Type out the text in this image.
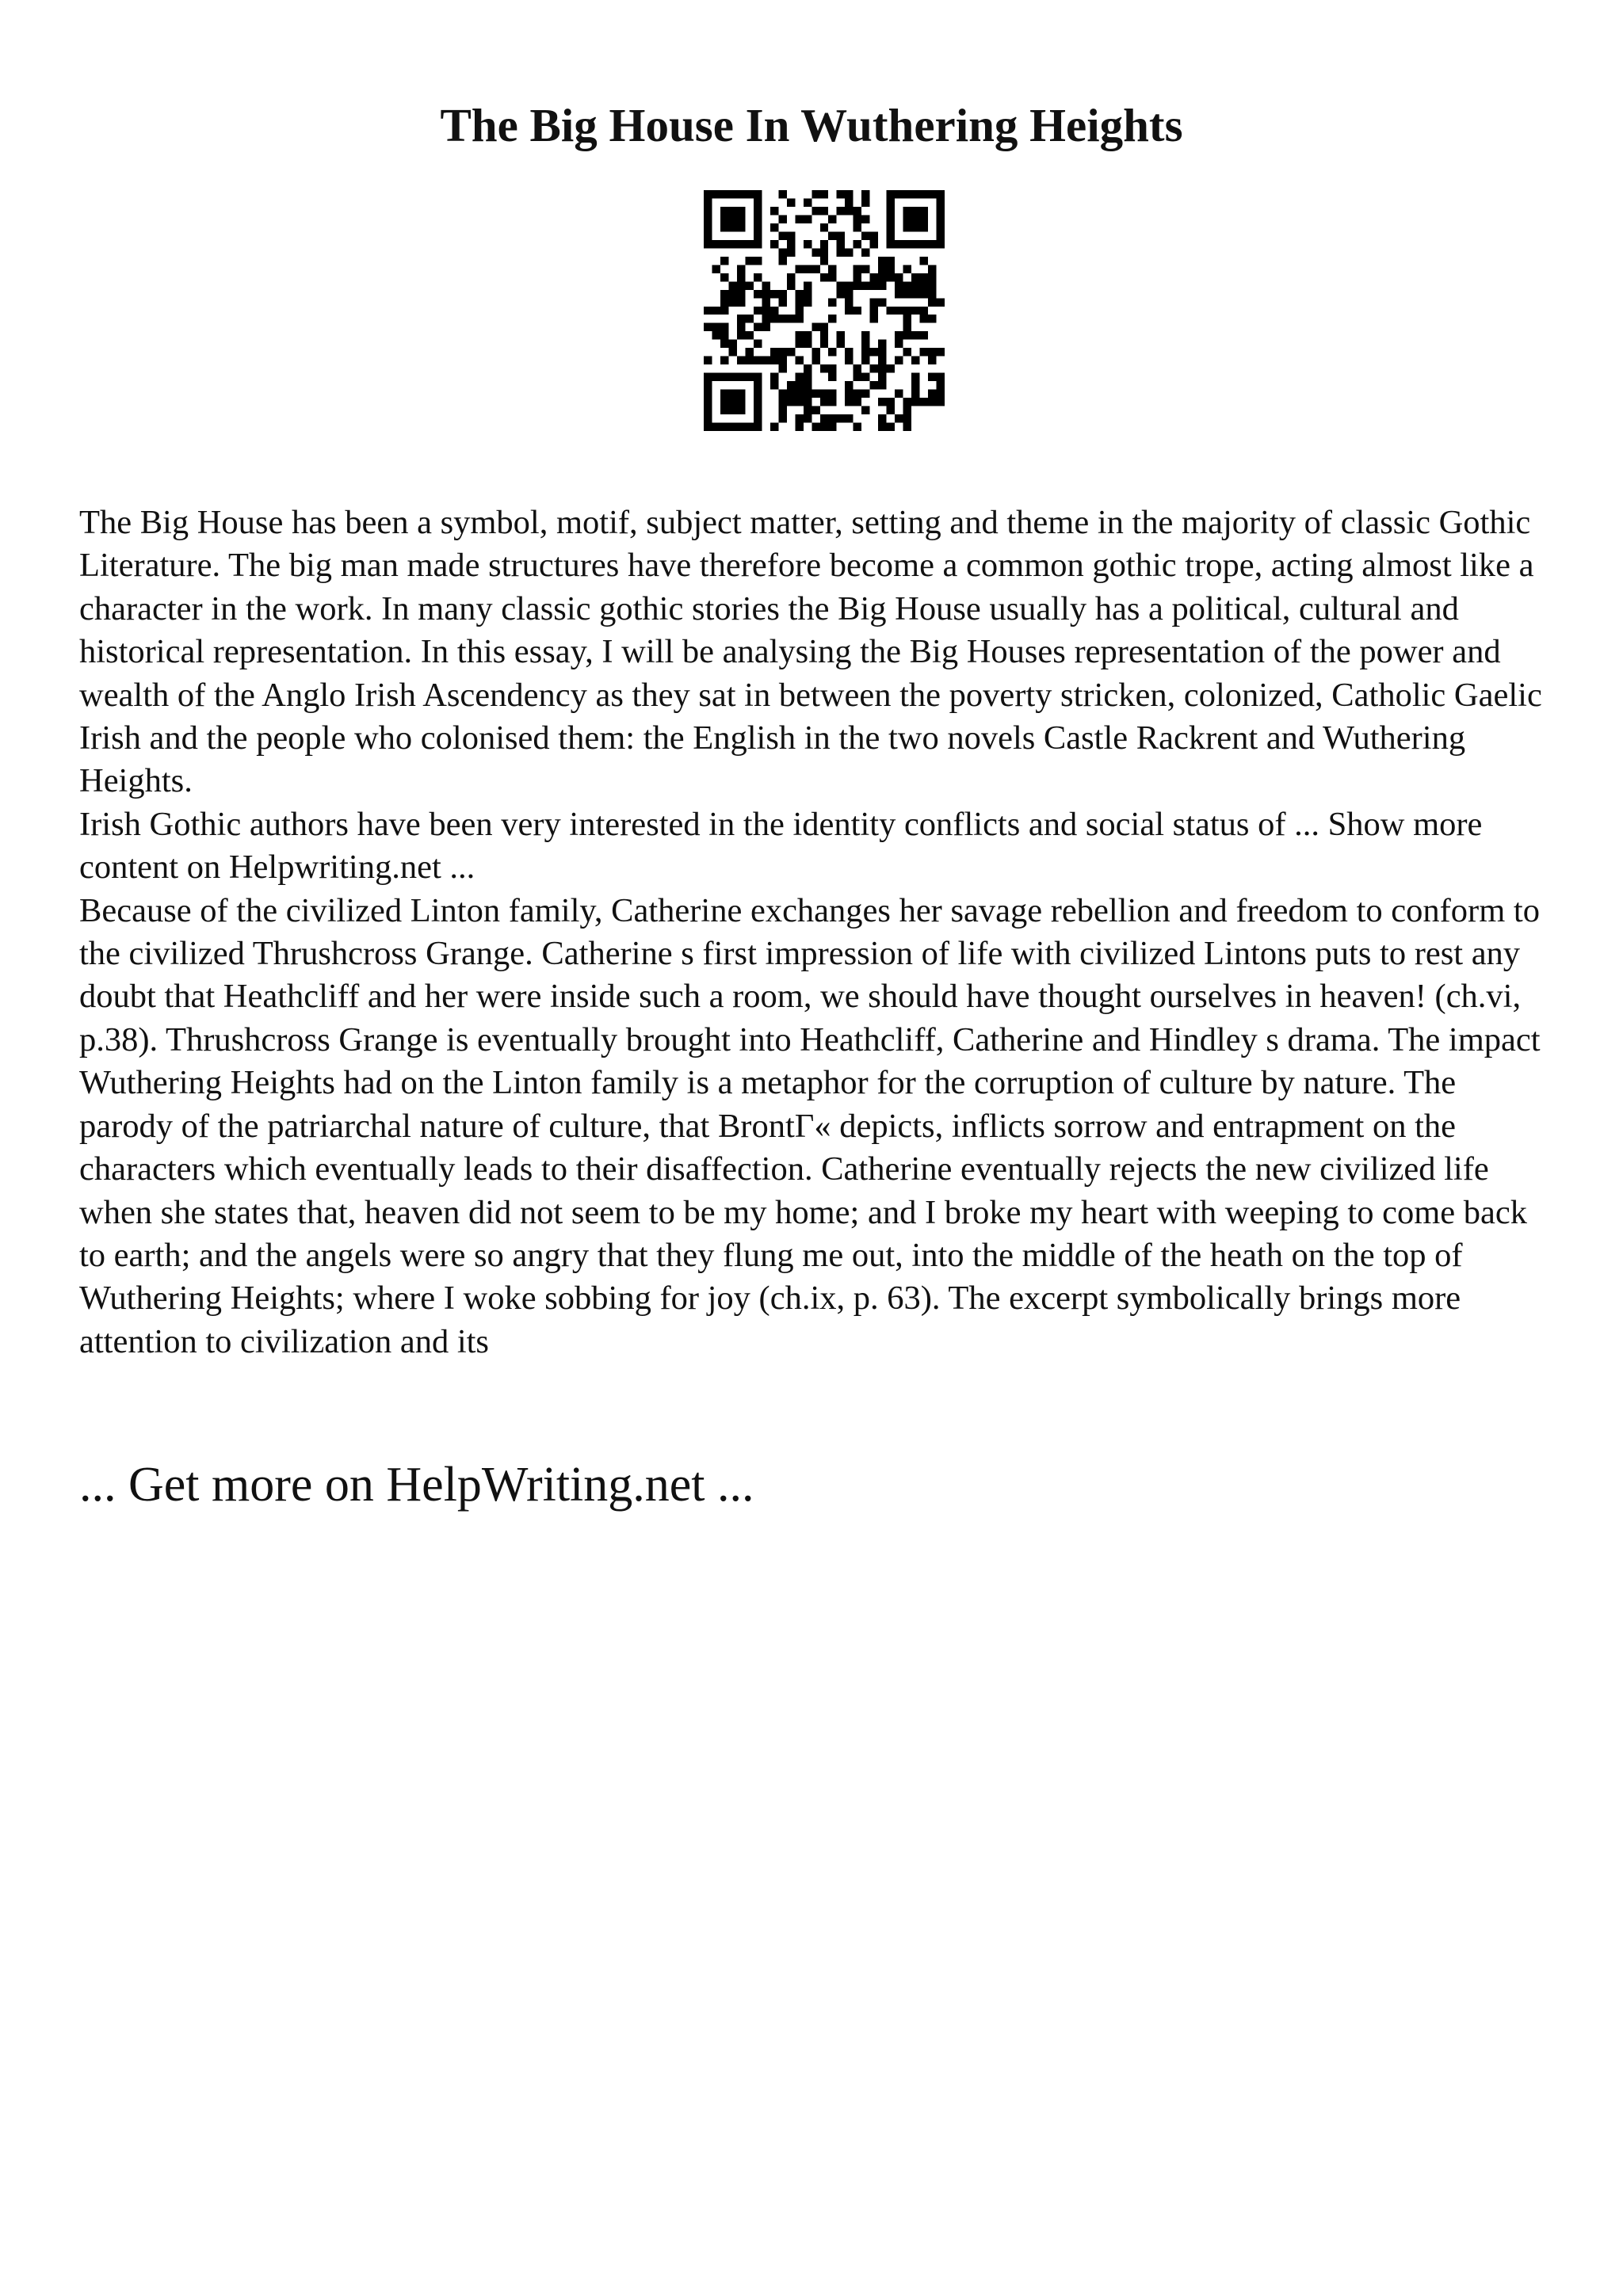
The Big House In Wuthering Heights

The Big House has been a symbol, motif, subject matter, setting and theme in the majority of classic Gothic Literature. The big man made structures have therefore become a common gothic trope, acting almost like a character in the work. In many classic gothic stories the Big House usually has a political, cultural and historical representation. In this essay, I will be analysing the Big Houses representation of the power and wealth of the Anglo Irish Ascendency as they sat in between the poverty stricken, colonized, Catholic Gaelic Irish and the people who colonised them: the English in the two novels Castle Rackrent and Wuthering Heights.

Irish Gothic authors have been very interested in the identity conflicts and social status of ... Show more content on Helpwriting.net ...

Because of the civilized Linton family, Catherine exchanges her savage rebellion and freedom to conform to the civilized Thrushcross Grange. Catherine s first impression of life with civilized Lintons puts to rest any doubt that Heathcliff and her were inside such a room, we should have thought ourselves in heaven! (ch.vi, p.38). Thrushcross Grange is eventually brought into Heathcliff, Catherine and Hindley s drama. The impact Wuthering Heights had on the Linton family is a metaphor for the corruption of culture by nature. The parody of the patriarchal nature of culture, that BrontΓ« depicts, inflicts sorrow and entrapment on the characters which eventually leads to their disaffection. Catherine eventually rejects the new civilized life when she states that, heaven did not seem to be my home; and I broke my heart with weeping to come back to earth; and the angels were so angry that they flung me out, into the middle of the heath on the top of Wuthering Heights; where I woke sobbing for joy (ch.ix, p. 63). The excerpt symbolically brings more attention to civilization and its

... Get more on HelpWriting.net ...
